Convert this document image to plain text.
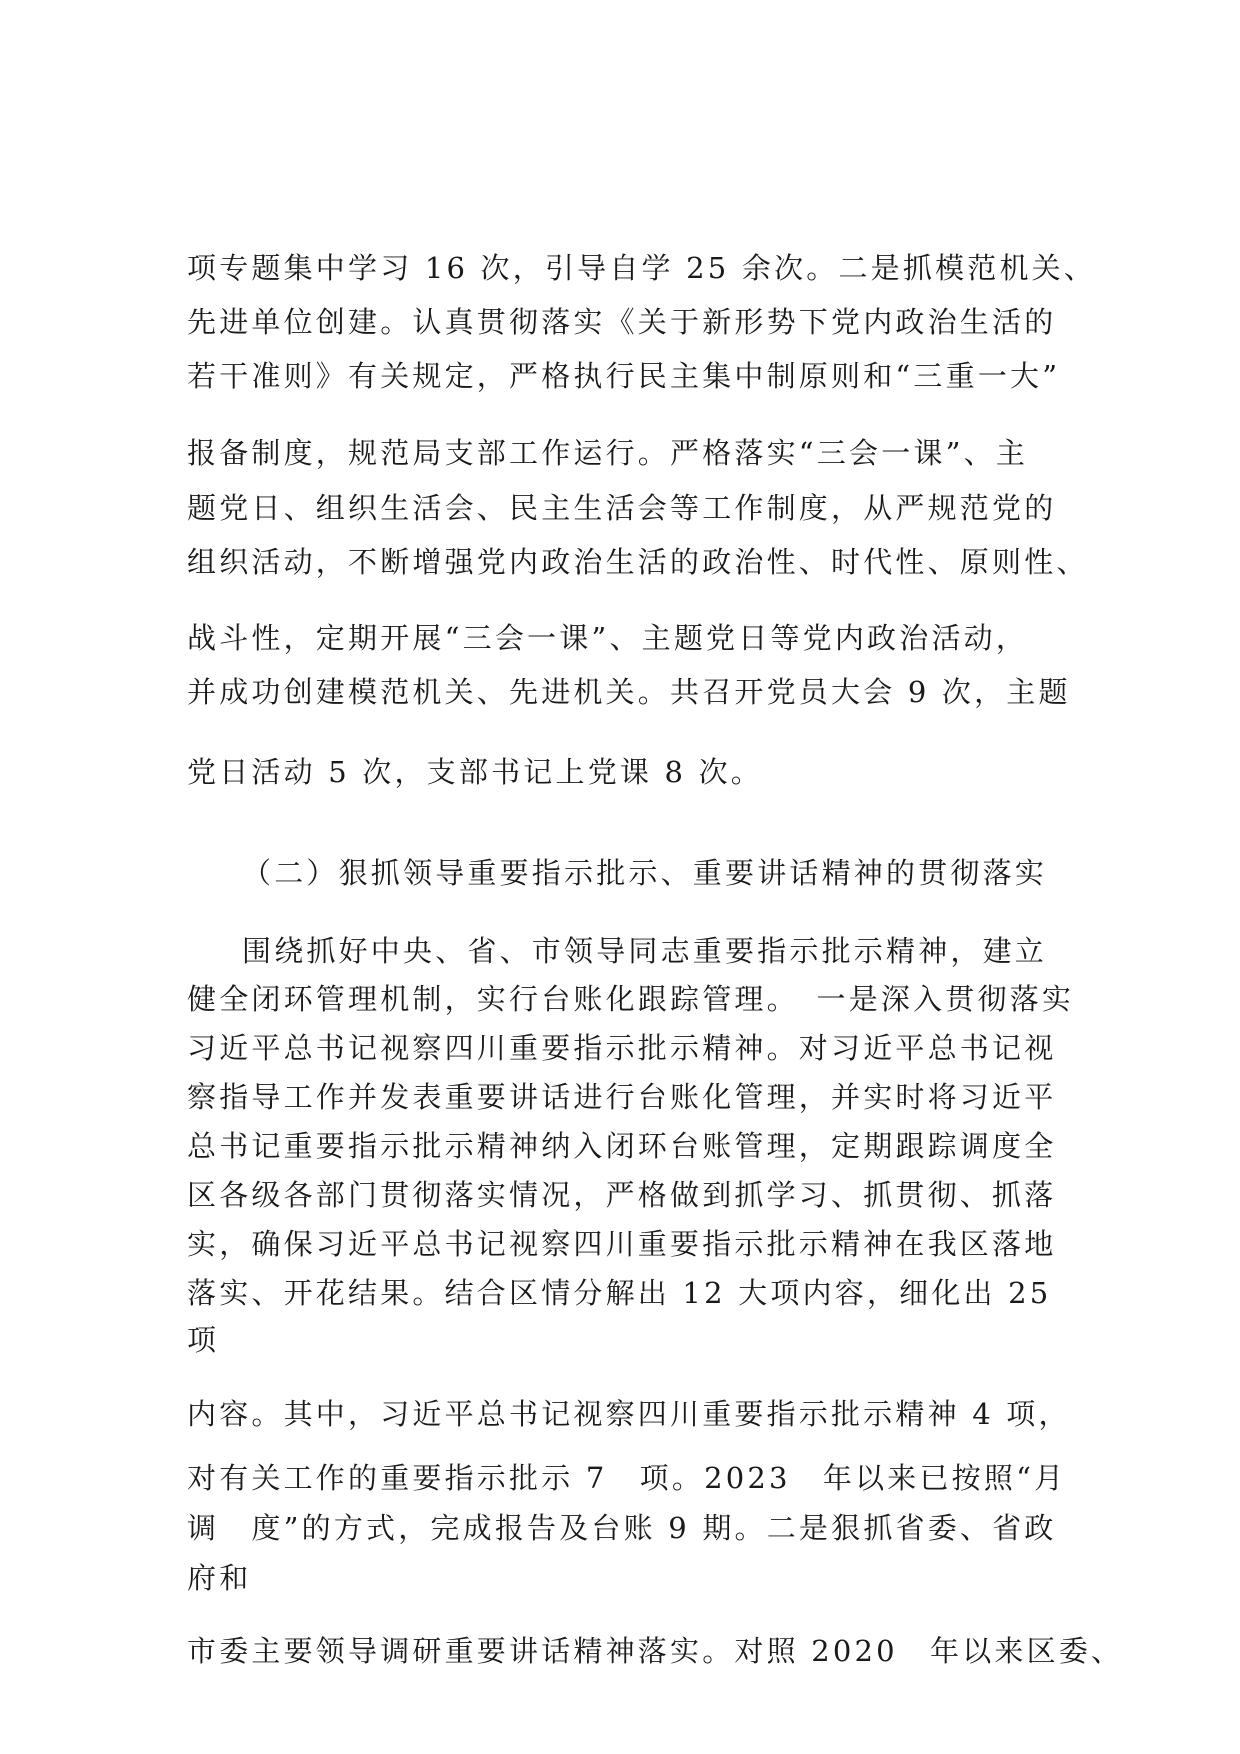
项专题集中学习 16 次，引导自学 25 余次。二是抓模范机关、
先进单位创建。认真贯彻落实《关于新形势下党内政治生活的
若干准则》有关规定，严格执行民主集中制原则和“三重一大”
报备制度，规范局支部工作运行。严格落实“三会一课”、主
题党日、组织生活会、民主生活会等工作制度，从严规范党的
组织活动，不断增强党内政治生活的政治性、时代性、原则性、
战斗性，定期开展“三会一课”、主题党日等党内政治活动，
并成功创建模范机关、先进机关。共召开党员大会 9 次，主题
党日活动 5 次，支部书记上党课 8 次。
（二）狠抓领导重要指示批示、重要讲话精神的贯彻落实
围绕抓好中央、省、市领导同志重要指示批示精神，建立
健全闭环管理机制，实行台账化跟踪管理。　一是深入贯彻落实
习近平总书记视察四川重要指示批示精神。对习近平总书记视
察指导工作并发表重要讲话进行台账化管理，并实时将习近平
总书记重要指示批示精神纳入闭环台账管理，定期跟踪调度全
区各级各部门贯彻落实情况，严格做到抓学习、抓贯彻、抓落
实，确保习近平总书记视察四川重要指示批示精神在我区落地
落实、开花结果。结合区情分解出 12 大项内容，细化出 25
项
内容。其中，习近平总书记视察四川重要指示批示精神 4 项，
对有关工作的重要指示批示 7　项。2023　年以来已按照“月
调　度”的方式，完成报告及台账 9 期。二是狠抓省委、省政
府和
市委主要领导调研重要讲话精神落实。对照 2020　年以来区委、
